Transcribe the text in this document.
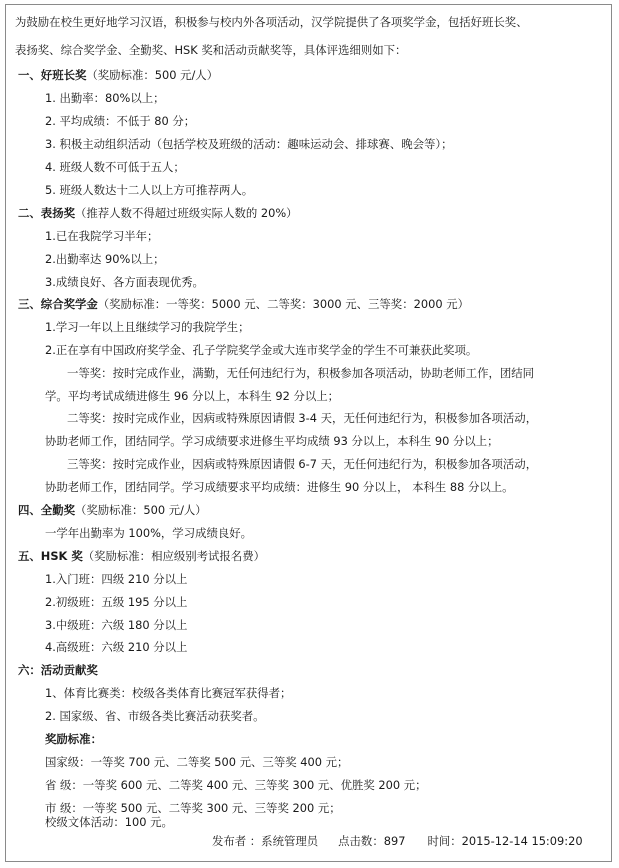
为鼓励在校生更好地学习汉语，积极参与校内外各项活动，汉学院提供了各项奖学金，包括好班长奖、
表扬奖、综合奖学金、全勤奖、HSK 奖和活动贡献奖等，具体评选细则如下：
一、好班长奖（奖励标准：500 元/人）
1. 出勤率：80%以上；
2. 平均成绩：不低于 80 分；
3. 积极主动组织活动（包括学校及班级的活动：趣味运动会、排球赛、晚会等）；
4. 班级人数不可低于五人；
5. 班级人数达十二人以上方可推荐两人。
二、表扬奖（推荐人数不得超过班级实际人数的 20%）
1.已在我院学习半年；
2.出勤率达 90%以上；
3.成绩良好、各方面表现优秀。
三、综合奖学金（奖励标准：一等奖：5000 元、二等奖：3000 元、三等奖：2000 元）
1.学习一年以上且继续学习的我院学生；
2.正在享有中国政府奖学金、孔子学院奖学金或大连市奖学金的学生不可兼获此奖项。
一等奖：按时完成作业，满勤，无任何违纪行为，积极参加各项活动，协助老师工作，团结同
学。平均考试成绩进修生 96 分以上，本科生 92 分以上；
二等奖：按时完成作业，因病或特殊原因请假 3-4 天，无任何违纪行为，积极参加各项活动，
协助老师工作，团结同学。学习成绩要求进修生平均成绩 93 分以上，本科生 90 分以上；
三等奖：按时完成作业，因病或特殊原因请假 6-7 天，无任何违纪行为，积极参加各项活动，
协助老师工作，团结同学。学习成绩要求平均成绩：进修生 90 分以上， 本科生 88 分以上。
四、全勤奖（奖励标准：500 元/人）
一学年出勤率为 100%，学习成绩良好。
五、HSK 奖（奖励标准：相应级别考试报名费）
1.入门班：四级 210 分以上
2.初级班：五级 195 分以上
3.中级班：六级 180 分以上
4.高级班：六级 210 分以上
六：活动贡献奖
1、体育比赛类：校级各类体育比赛冠军获得者；
2. 国家级、省、市级各类比赛活动获奖者。
奖励标准：
国家级：一等奖 700 元、二等奖 500 元、三等奖 400 元；
省 级：一等奖 600 元、二等奖 400 元、三等奖 300 元、优胜奖 200 元；
市 级：一等奖 500 元、二等奖 300 元、三等奖 200 元；
发布者 ：系统管理员 点击数：897 时间：2015-12-14 15:09:20
校级文体活动：100 元。
